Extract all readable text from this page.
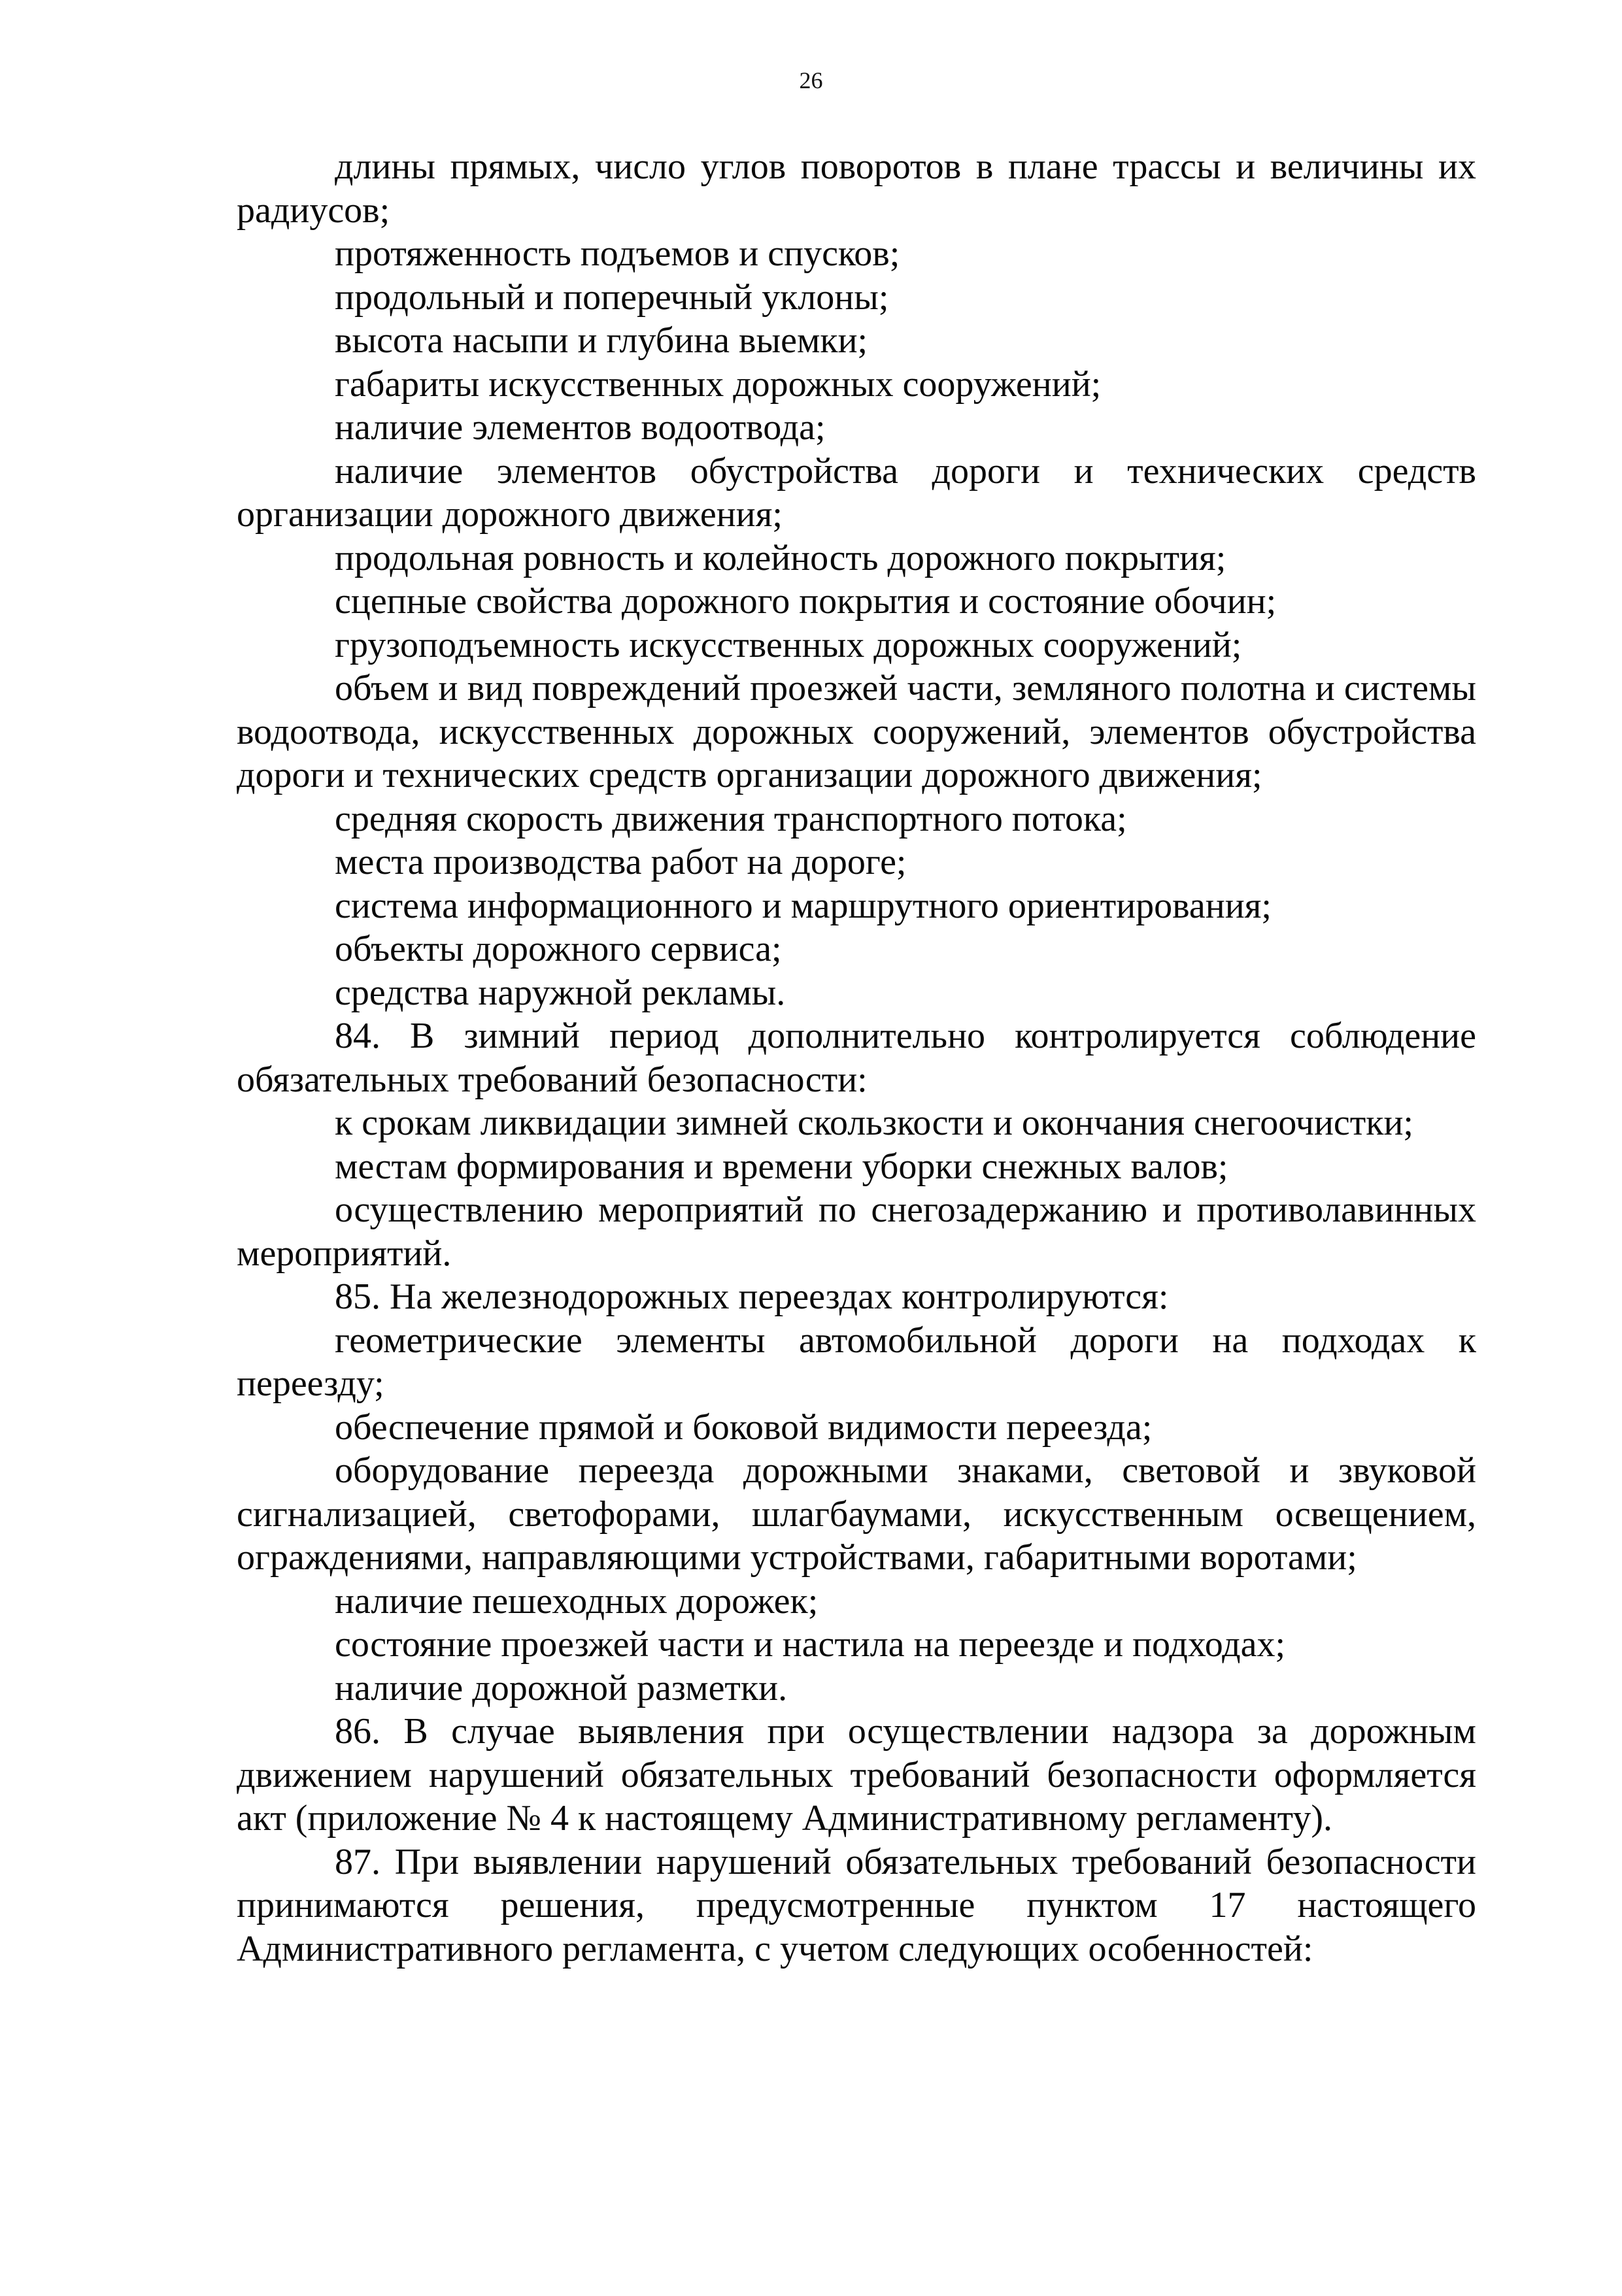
26

длины прямых, число углов поворотов в плане трассы и величины их радиусов;

протяженность подъемов и спусков;

продольный и поперечный уклоны;

высота насыпи и глубина выемки;

габариты искусственных дорожных сооружений;

наличие элементов водоотвода;

наличие элементов обустройства дороги и технических средств организации дорожного движения;

продольная ровность и колейность дорожного покрытия;

сцепные свойства дорожного покрытия и состояние обочин;

грузоподъемность искусственных дорожных сооружений;

объем и вид повреждений проезжей части, земляного полотна и системы водоотвода, искусственных дорожных сооружений, элементов обустройства дороги и технических средств организации дорожного движения;

средняя скорость движения транспортного потока;

места производства работ на дороге;

система информационного и маршрутного ориентирования;

объекты дорожного сервиса;

средства наружной рекламы.

84. В зимний период дополнительно контролируется соблюдение обязательных требований безопасности:

к срокам ликвидации зимней скользкости и окончания снегоочистки;

местам формирования и времени уборки снежных валов;

осуществлению мероприятий по снегозадержанию и противолавинных мероприятий.

85. На железнодорожных переездах контролируются:

геометрические элементы автомобильной дороги на подходах к переезду;

обеспечение прямой и боковой видимости переезда;

оборудование переезда дорожными знаками, световой и звуковой сигнализацией, светофорами, шлагбаумами, искусственным освещением, ограждениями, направляющими устройствами, габаритными воротами;

наличие пешеходных дорожек;

состояние проезжей части и настила на переезде и подходах;

наличие дорожной разметки.

86. В случае выявления при осуществлении надзора за дорожным движением нарушений обязательных требований безопасности оформляется акт (приложение № 4 к настоящему Административному регламенту).

87. При выявлении нарушений обязательных требований безопасности принимаются решения, предусмотренные пунктом 17 настоящего Административного регламента, с учетом следующих особенностей:
